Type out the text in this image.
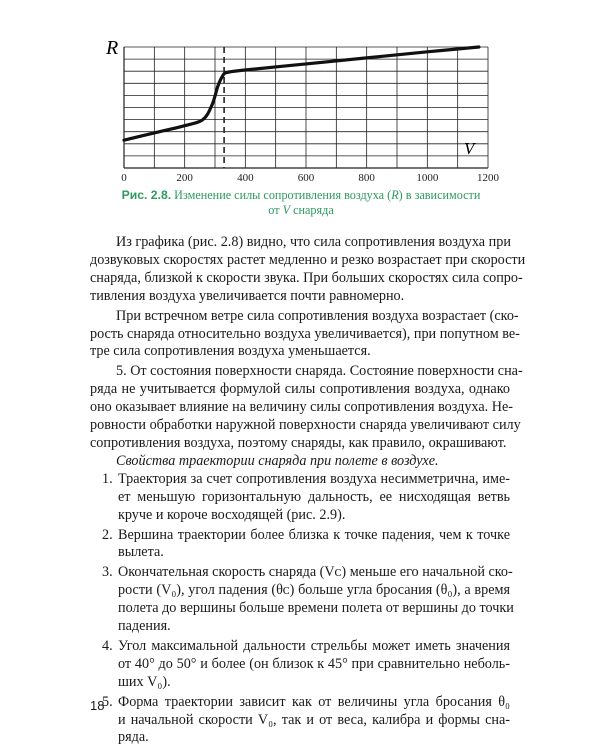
0	200	400	600	800	1000	1200
R
V
Рис. 2.8. Изменение силы сопротивления воздуха (R) в зависимости
от V снаряда

Из графика (рис. 2.8) видно, что сила сопротивления воздуха при
дозвуковых скоростях растет медленно и резко возрастает при скорости
снаряда, близкой к скорости звука. При больших скоростях сила сопро-
тивления воздуха увеличивается почти равномерно.

При встречном ветре сила сопротивления воздуха возрастает (ско-
рость снаряда относительно воздуха увеличивается), при попутном ве-
тре сила сопротивления воздуха уменьшается.

5. От состояния поверхности снаряда. Состояние поверхности сна-
ряда не учитывается формулой силы сопротивления воздуха, однако
оно оказывает влияние на величину силы сопротивления воздуха. Не-
ровности обработки наружной поверхности снаряда увеличивают силу
сопротивления воздуха, поэтому снаряды, как правило, окрашивают.

Свойства траектории снаряда при полете в воздухе.
1. Траектория за счет сопротивления воздуха несимметрична, име-
ет меньшую горизонтальную дальность, ее нисходящая ветвь
круче и короче восходящей (рис. 2.9).
2. Вершина траектории более близка к точке падения, чем к точке
вылета.
3. Окончательная скорость снаряда (Vᴄ) меньше его начальной ско-
рости (V₀), угол падения (θᴄ) больше угла бросания (θ₀), а время
полета до вершины больше времени полета от вершины до точки
падения.
4. Угол максимальной дальности стрельбы может иметь значения
от 40° до 50° и более (он близок к 45° при сравнительно неболь-
ших V₀).
5. Форма траектории зависит как от величины угла бросания θ₀
и начальной скорости V₀, так и от веса, калибра и формы сна-
ряда.
18
